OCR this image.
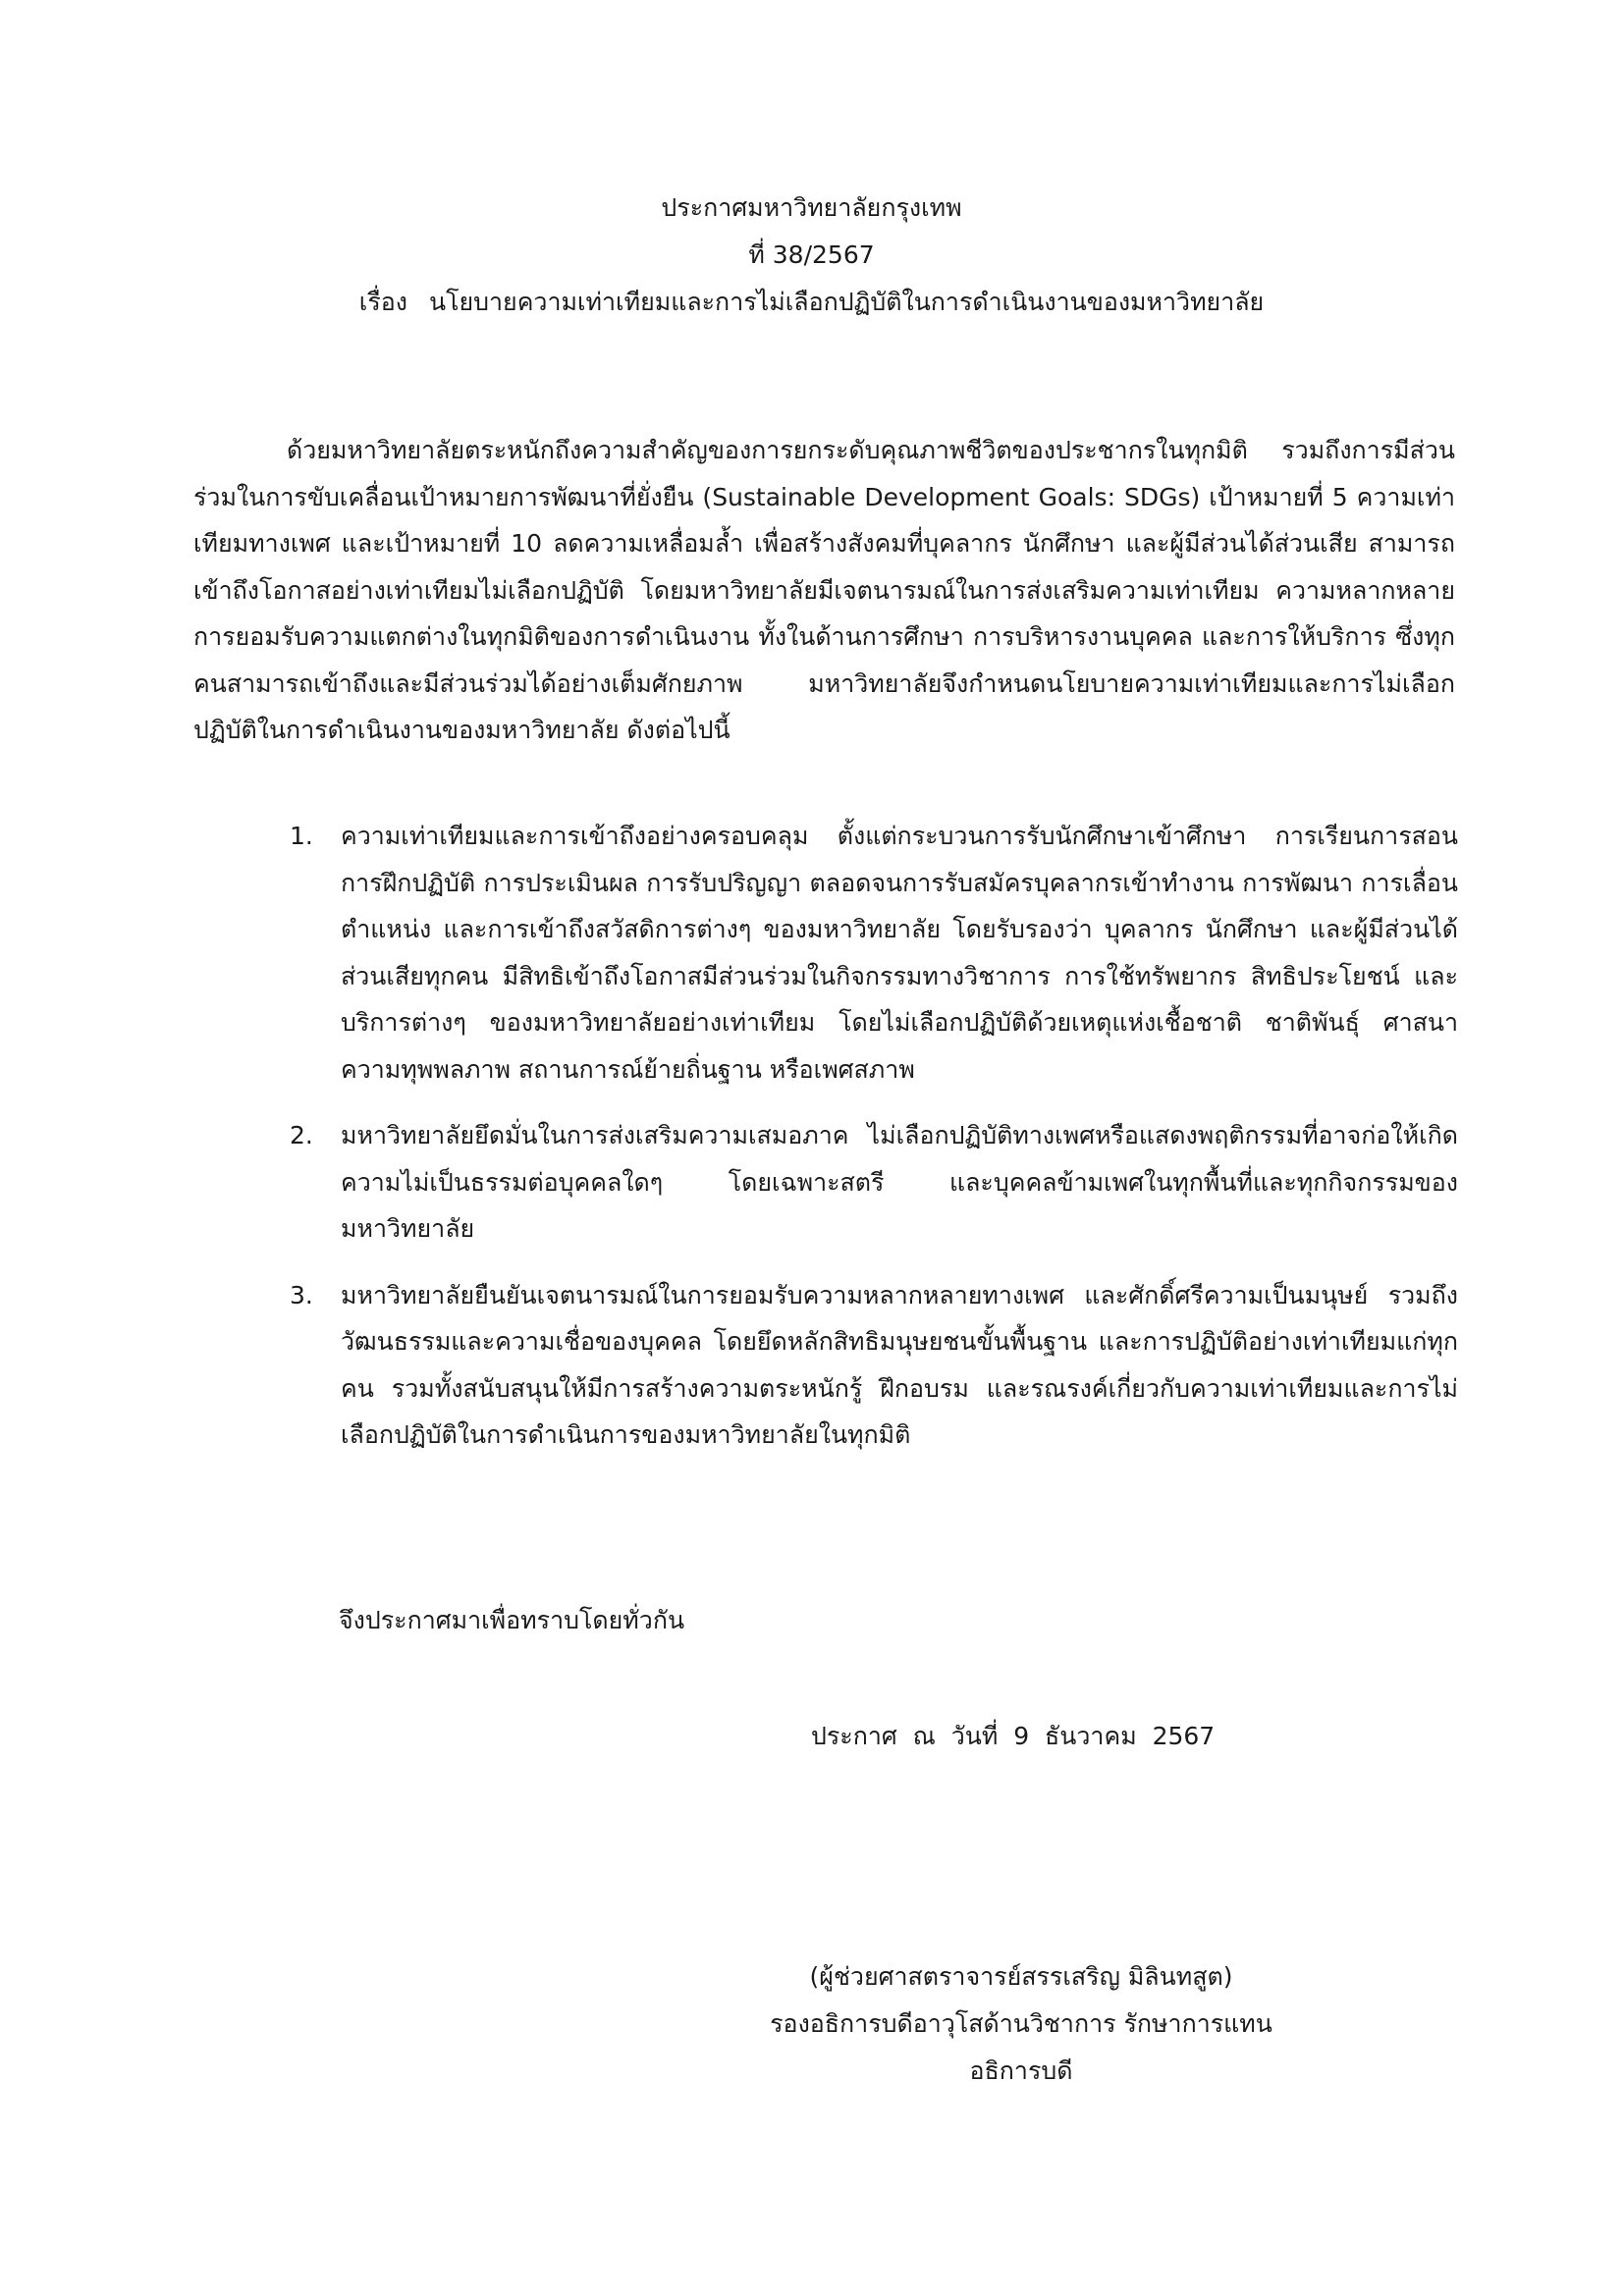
ประกาศมหาวิทยาลัยกรุงเทพ
ที่ 38/2567
เรื่อง นโยบายความเท่าเทียมและการไม่เลือกปฏิบัติในการดำเนินงานของมหาวิทยาลัย

ด้วยมหาวิทยาลัยตระหนักถึงความสำคัญของการยกระดับคุณภาพชีวิตของประชากรในทุกมิติ รวมถึงการมีส่วนร่วมในการขับเคลื่อนเป้าหมายการพัฒนาที่ยั่งยืน (Sustainable Development Goals: SDGs) เป้าหมายที่ 5 ความเท่าเทียมทางเพศ และเป้าหมายที่ 10 ลดความเหลื่อมล้ำ เพื่อสร้างสังคมที่บุคลากร นักศึกษา และผู้มีส่วนได้ส่วนเสีย สามารถเข้าถึงโอกาสอย่างเท่าเทียมไม่เลือกปฏิบัติ โดยมหาวิทยาลัยมีเจตนารมณ์ในการส่งเสริมความเท่าเทียม ความหลากหลาย การยอมรับความแตกต่างในทุกมิติของการดำเนินงาน ทั้งในด้านการศึกษา การบริหารงานบุคคล และการให้บริการ ซึ่งทุกคนสามารถเข้าถึงและมีส่วนร่วมได้อย่างเต็มศักยภาพ มหาวิทยาลัยจึงกำหนดนโยบายความเท่าเทียมและการไม่เลือกปฏิบัติในการดำเนินงานของมหาวิทยาลัย ดังต่อไปนี้

1. ความเท่าเทียมและการเข้าถึงอย่างครอบคลุม ตั้งแต่กระบวนการรับนักศึกษาเข้าศึกษา การเรียนการสอน การฝึกปฏิบัติ การประเมินผล การรับปริญญา ตลอดจนการรับสมัครบุคลากรเข้าทำงาน การพัฒนา การเลื่อนตำแหน่ง และการเข้าถึงสวัสดิการต่างๆ ของมหาวิทยาลัย โดยรับรองว่า บุคลากร นักศึกษา และผู้มีส่วนได้ส่วนเสียทุกคน มีสิทธิเข้าถึงโอกาสมีส่วนร่วมในกิจกรรมทางวิชาการ การใช้ทรัพยากร สิทธิประโยชน์ และบริการต่างๆ ของมหาวิทยาลัยอย่างเท่าเทียม โดยไม่เลือกปฏิบัติด้วยเหตุแห่งเชื้อชาติ ชาติพันธุ์ ศาสนา ความทุพพลภาพ สถานการณ์ย้ายถิ่นฐาน หรือเพศสภาพ
2. มหาวิทยาลัยยึดมั่นในการส่งเสริมความเสมอภาค ไม่เลือกปฏิบัติทางเพศหรือแสดงพฤติกรรมที่อาจก่อให้เกิดความไม่เป็นธรรมต่อบุคคลใดๆ โดยเฉพาะสตรี และบุคคลข้ามเพศในทุกพื้นที่และทุกกิจกรรมของมหาวิทยาลัย
3. มหาวิทยาลัยยืนยันเจตนารมณ์ในการยอมรับความหลากหลายทางเพศ และศักดิ์ศรีความเป็นมนุษย์ รวมถึงวัฒนธรรมและความเชื่อของบุคคล โดยยึดหลักสิทธิมนุษยชนขั้นพื้นฐาน และการปฏิบัติอย่างเท่าเทียมแก่ทุกคน รวมทั้งสนับสนุนให้มีการสร้างความตระหนักรู้ ฝึกอบรม และรณรงค์เกี่ยวกับความเท่าเทียมและการไม่เลือกปฏิบัติในการดำเนินการของมหาวิทยาลัยในทุกมิติ
จึงประกาศมาเพื่อทราบโดยทั่วกัน
ประกาศ  ณ  วันที่  9  ธันวาคม  2567
(ผู้ช่วยศาสตราจารย์สรรเสริญ มิลินทสูต)
รองอธิการบดีอาวุโสด้านวิชาการ รักษาการแทน
อธิการบดี
